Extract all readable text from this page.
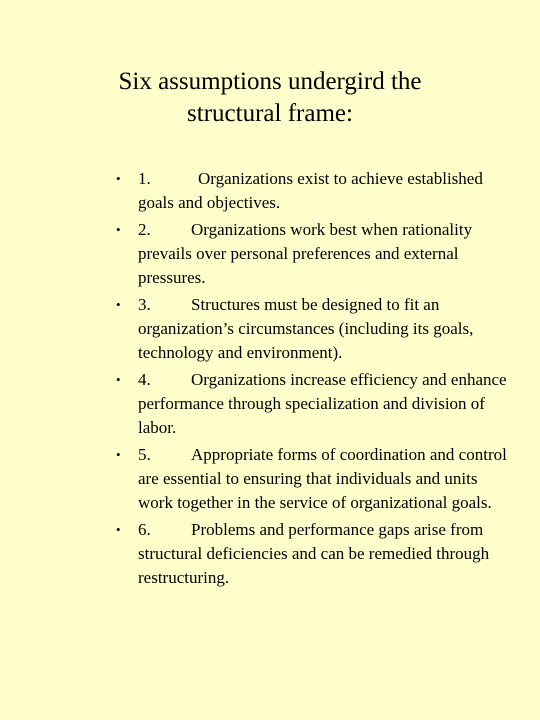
Six assumptions undergird the
structural frame:
• 1.	Organizations exist to achieve established goals and objectives.
• 2. Organizations work best when rationality prevails over personal preferences and external pressures.
• 3. Structures must be designed to fit an organization’s circumstances (including its goals, technology and environment).
• 4. Organizations increase efficiency and enhance performance through specialization and division of labor.
• 5. Appropriate forms of coordination and control are essential to ensuring that individuals and units work together in the service of organizational goals.
• 6. Problems and performance gaps arise from structural deficiencies and can be remedied through restructuring.
